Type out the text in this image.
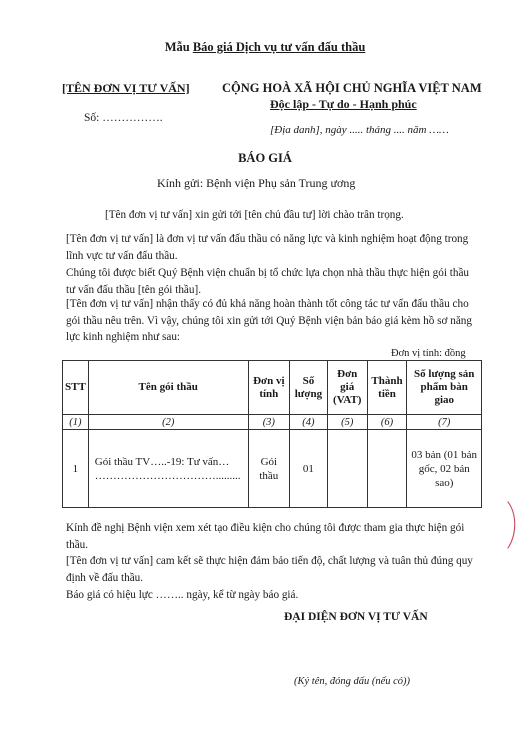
Mẫu Báo giá Dịch vụ tư vấn đấu thầu
[TÊN ĐƠN VỊ TƯ VẤN]
Số: …………….
CỘNG HOÀ XÃ HỘI CHỦ NGHĨA VIỆT NAM
Độc lập - Tự do - Hạnh phúc
[Địa danh], ngày ..... tháng .... năm ……
BÁO GIÁ
Kính gửi: Bệnh viện Phụ sản Trung ương
[Tên đơn vị tư vấn] xin gửi tới [tên chủ đầu tư] lời chào trân trọng.
[Tên đơn vị tư vấn] là đơn vị tư vấn đấu thầu có năng lực và kinh nghiệm hoạt động trong lĩnh vực tư vấn đấu thầu.
Chúng tôi được biết Quý Bệnh viện chuẩn bị tổ chức lựa chọn nhà thầu thực hiện gói thầu tư vấn đấu thầu [tên gói thầu].
[Tên đơn vị tư vấn] nhận thấy có đủ khả năng hoàn thành tốt công tác tư vấn đấu thầu cho gói thầu nêu trên. Vì vậy, chúng tôi xin gửi tới Quý Bệnh viện bản báo giá kèm hồ sơ năng lực kinh nghiệm như sau:
Đơn vị tính: đồng
STT	Tên gói thầu	Đơn vị tính	Số lượng	Đơn giá (VAT)	Thành tiền	Số lượng sản phẩm bàn giao
(1)	(2)	(3)	(4)	(5)	(6)	(7)
1	Gói thầu TV…..-19: Tư vấn…
…………………………….........	Gói thầu	01			03 bản (01 bản gốc, 02 bản sao)
Kính đề nghị Bệnh viện xem xét tạo điều kiện cho chúng tôi được tham gia thực hiện gói thầu.
[Tên đơn vị tư vấn] cam kết sẽ thực hiện đảm bảo tiến độ, chất lượng và tuân thủ đúng quy định về đấu thầu.
Báo giá có hiệu lực …….. ngày, kể từ ngày báo giá.
ĐẠI DIỆN ĐƠN VỊ TƯ VẤN
(Ký tên, đóng dấu (nếu có))
